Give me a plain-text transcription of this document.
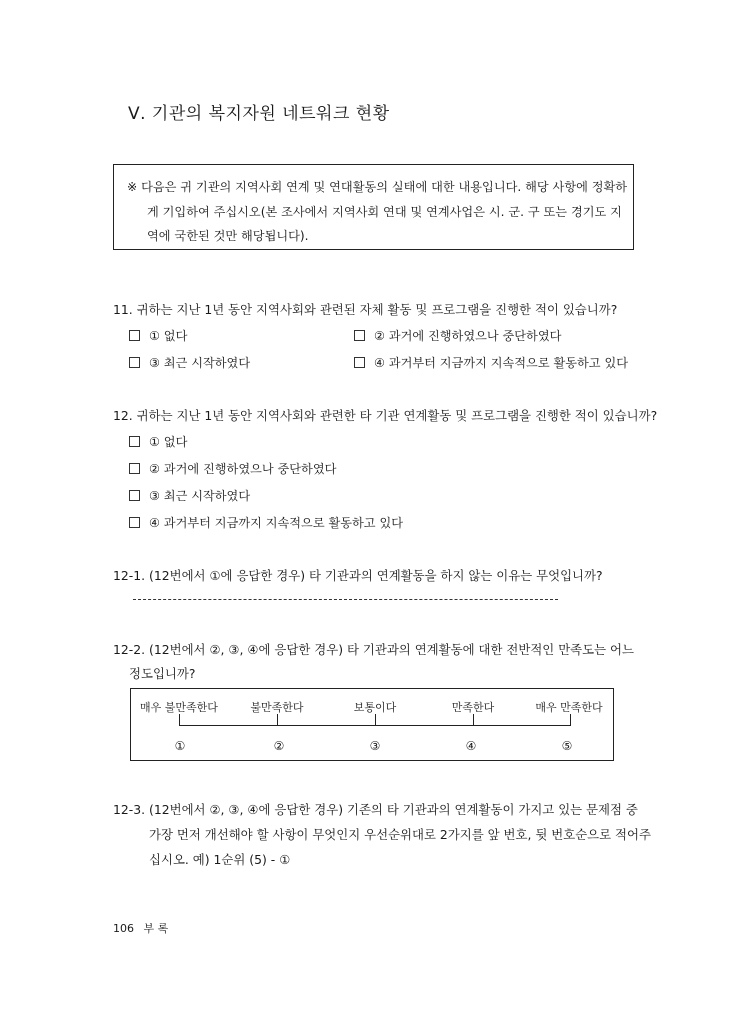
Ⅴ. 기관의 복지자원 네트워크 현황
※ 다음은 귀 기관의 지역사회 연계 및 연대활동의 실태에 대한 내용입니다. 해당 사항에 정확하
게 기입하여 주십시오(본 조사에서 지역사회 연대 및 연계사업은 시. 군. 구 또는 경기도 지
역에 국한된 것만 해당됩니다).
11. 귀하는 지난 1년 동안 지역사회와 관련된 자체 활동 및 프로그램을 진행한 적이 있습니까?
① 없다	② 과거에 진행하였으나 중단하였다
③ 최근 시작하였다	④ 과거부터 지금까지 지속적으로 활동하고 있다
12. 귀하는 지난 1년 동안 지역사회와 관련한 타 기관 연계활동 및 프로그램을 진행한 적이 있습니까?
① 없다
② 과거에 진행하였으나 중단하였다
③ 최근 시작하였다
④ 과거부터 지금까지 지속적으로 활동하고 있다
12-1. (12번에서 ①에 응답한 경우) 타 기관과의 연계활동을 하지 않는 이유는 무엇입니까?
12-2. (12번에서 ②, ③, ④에 응답한 경우) 타 기관과의 연계활동에 대한 전반적인 만족도는 어느
정도입니까?
매우 불만족한다	불만족한다	보통이다	만족한다	매우 만족한다
①	②	③	④	⑤
12-3. (12번에서 ②, ③, ④에 응답한 경우) 기존의 타 기관과의 연계활동이 가지고 있는 문제점 중
가장 먼저 개선해야 할 사항이 무엇인지 우선순위대로 2가지를 앞 번호, 뒷 번호순으로 적어주
십시오. 예) 1순위 (5) - ①
106 부 록
